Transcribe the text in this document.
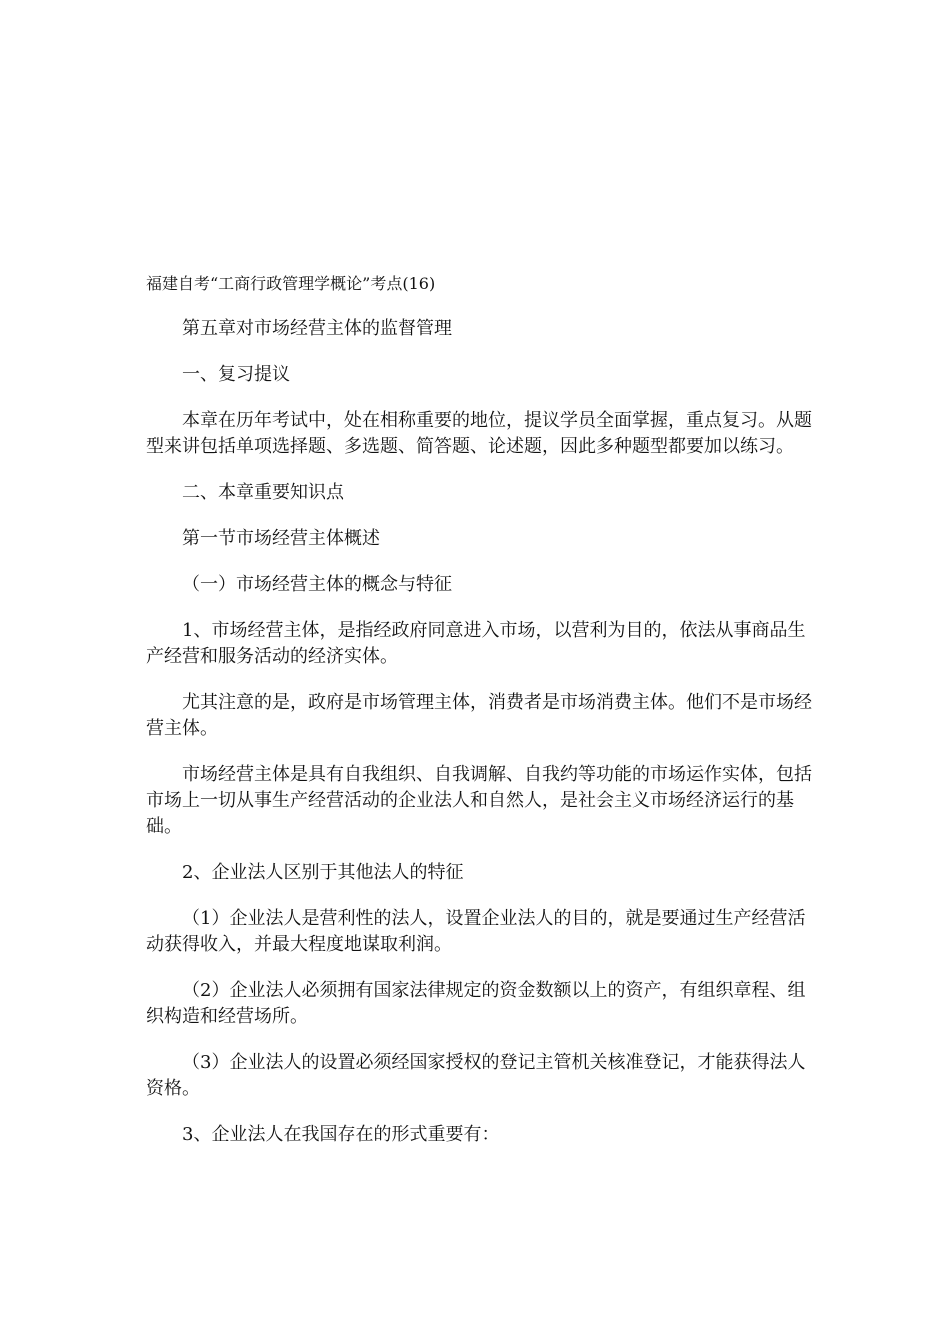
福建自考“工商行政管理学概论”考点(16)

第五章对市场经营主体的监督管理

一、复习提议

本章在历年考试中，处在相称重要的地位，提议学员全面掌握，重点复习。从题型来讲包括单项选择题、多选题、简答题、论述题，因此多种题型都要加以练习。

二、本章重要知识点

第一节市场经营主体概述

（一）市场经营主体的概念与特征

1、市场经营主体，是指经政府同意进入市场，以营利为目的，依法从事商品生产经营和服务活动的经济实体。

尤其注意的是，政府是市场管理主体，消费者是市场消费主体。他们不是市场经营主体。

市场经营主体是具有自我组织、自我调解、自我约等功能的市场运作实体，包括市场上一切从事生产经营活动的企业法人和自然人，是社会主义市场经济运行的基础。

2、企业法人区别于其他法人的特征

（1）企业法人是营利性的法人，设置企业法人的目的，就是要通过生产经营活动获得收入，并最大程度地谋取利润。

（2）企业法人必须拥有国家法律规定的资金数额以上的资产，有组织章程、组织构造和经营场所。

（3）企业法人的设置必须经国家授权的登记主管机关核准登记，才能获得法人资格。

3、企业法人在我国存在的形式重要有：
